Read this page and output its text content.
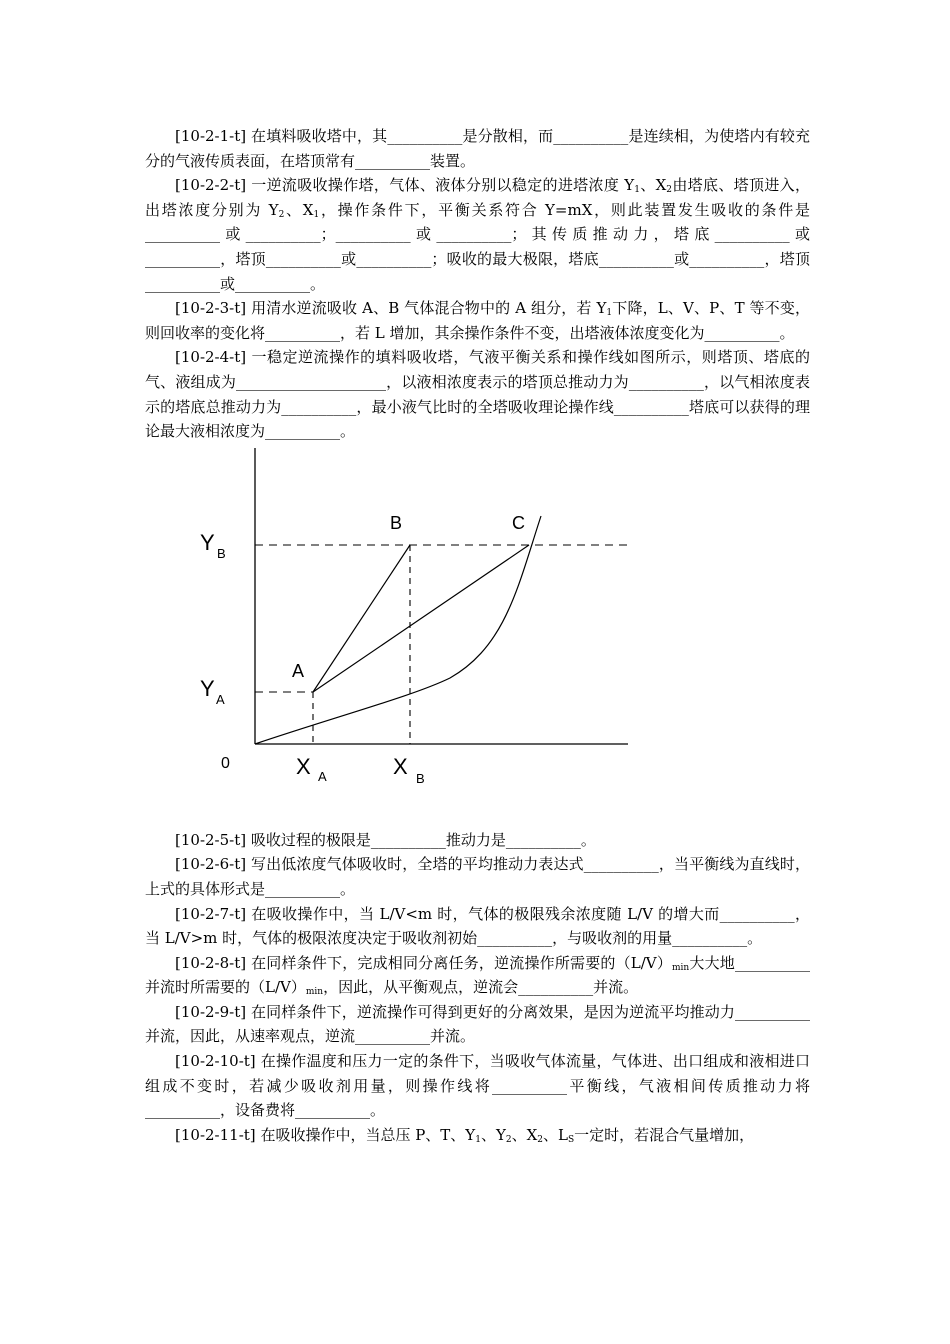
[10-2-1-t] 在填料吸收塔中，其__________是分散相，而__________是连续相，为使塔内有较充分的气液传质表面，在塔顶常有__________装置。

[10-2-2-t] 一逆流吸收操作塔，气体、液体分别以稳定的进塔浓度 $Y_1$、$X_2$由塔底、塔顶进入，出塔浓度分别为 $Y_2$、$X_1$，操作条件下，平衡关系符合 Y=mX，则此装置发生吸收的条件是__________或__________；__________或__________；其传质推动力，塔底__________或__________，塔顶__________或__________；吸收的最大极限，塔底__________或__________，塔顶__________或__________。

[10-2-3-t] 用清水逆流吸收 A、B 气体混合物中的 A 组分，若 $Y_1$下降，L、V、P、T 等不变，则回收率的变化将__________，若 L 增加，其余操作条件不变，出塔液体浓度变化为__________。

[10-2-4-t] 一稳定逆流操作的填料吸收塔，气液平衡关系和操作线如图所示，则塔顶、塔底的气、液组成为____________________，以液相浓度表示的塔顶总推动力为__________，以气相浓度表示的塔底总推动力为__________，最小液气比时的全塔吸收理论操作线__________塔底可以获得的理论最大液相浓度为__________。

0
Y B
Y A
X A	X B
A
B	C

[10-2-5-t] 吸收过程的极限是__________推动力是__________。

[10-2-6-t] 写出低浓度气体吸收时，全塔的平均推动力表达式__________，当平衡线为直线时，上式的具体形式是__________。

[10-2-7-t] 在吸收操作中，当 L/V<m 时，气体的极限残余浓度随 L/V 的增大而__________，当 L/V>m 时，气体的极限浓度决定于吸收剂初始__________，与吸收剂的用量__________。

[10-2-8-t] 在同样条件下，完成相同分离任务，逆流操作所需要的$(L/V)_{min}$大大地__________并流时所需要的$(L/V)_{min}$，因此，从平衡观点，逆流会__________并流。

[10-2-9-t] 在同样条件下，逆流操作可得到更好的分离效果，是因为逆流平均推动力__________并流，因此，从速率观点，逆流__________并流。

[10-2-10-t] 在操作温度和压力一定的条件下，当吸收气体流量，气体进、出口组成和液相进口组成不变时，若减少吸收剂用量，则操作线将__________平衡线，气液相间传质推动力将__________，设备费将__________。

[10-2-11-t] 在吸收操作中，当总压 P、T、$Y_1$、$Y_2$、$X_2$、$L_S$一定时，若混合气量增加，
